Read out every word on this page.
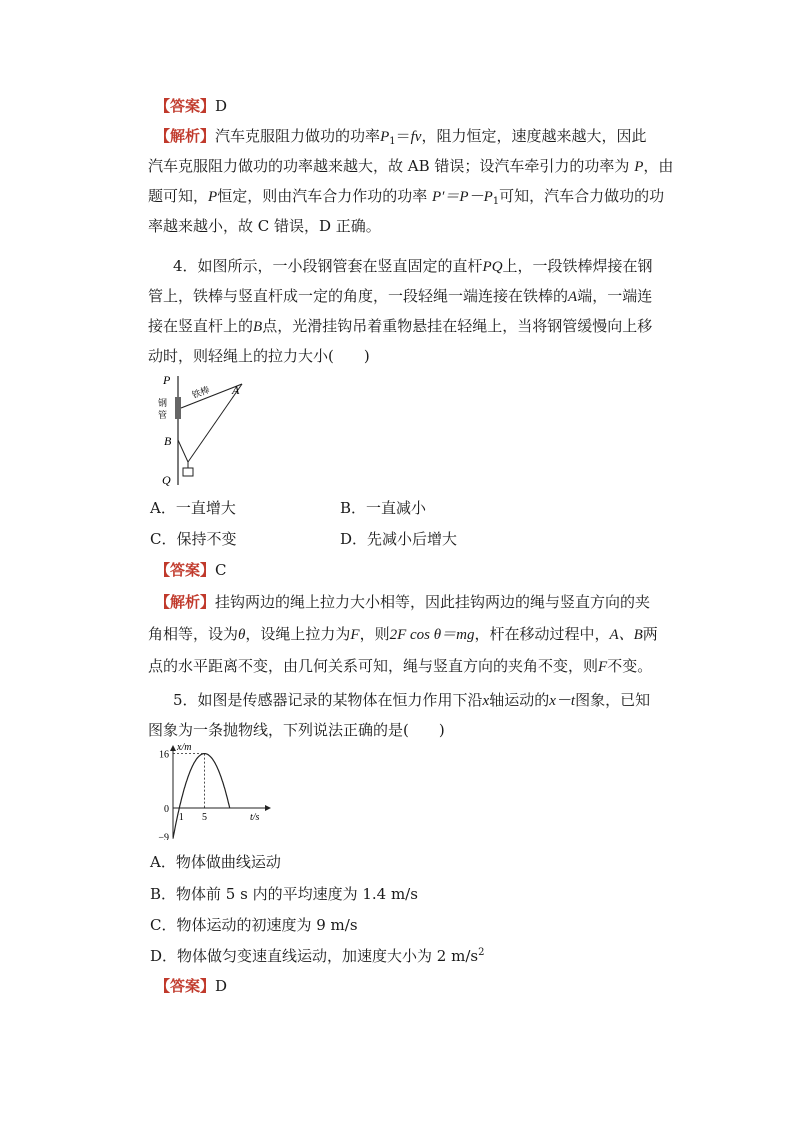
【答案】D
【解析】汽车克服阻力做功的功率$P_1=fv$，阻力恒定，速度越来越大，因此
汽车克服阻力做功的功率越来越大，故 AB 错误；设汽车牵引力的功率为 P，由
题可知，P恒定，则由汽车合力作功的功率 $P'=P-P_1$可知，汽车合力做功的功
率越来越小，故 C 错误，D 正确。
4．如图所示，一小段钢管套在竖直固定的直杆PQ上，一段铁棒焊接在钢
管上，铁棒与竖直杆成一定的角度，一段轻绳一端连接在铁棒的A端，一端连
接在竖直杆上的B点，光滑挂钩吊着重物悬挂在轻绳上，当将钢管缓慢向上移
动时，则轻绳上的拉力大小(　　)
P
A
B
Q
铁棒
钢
管
A．一直增大	B．一直减小
C．保持不变	D．先减小后增大
【答案】C
【解析】挂钩两边的绳上拉力大小相等，因此挂钩两边的绳与竖直方向的夹
角相等，设为θ，设绳上拉力为F，则2F cos θ＝mg，杆在移动过程中，A、B两
点的水平距离不变，由几何关系可知，绳与竖直方向的夹角不变，则F不变。
5．如图是传感器记录的某物体在恒力作用下沿x轴运动的x－t图象，已知
图象为一条抛物线，下列说法正确的是(　　)
16
0
−9
1 5
x/m
t/s
A．物体做曲线运动
B．物体前 5 s 内的平均速度为 1.4 m/s
C．物体运动的初速度为 9 m/s
D．物体做匀变速直线运动，加速度大小为 2 $m/s^2$
【答案】D
